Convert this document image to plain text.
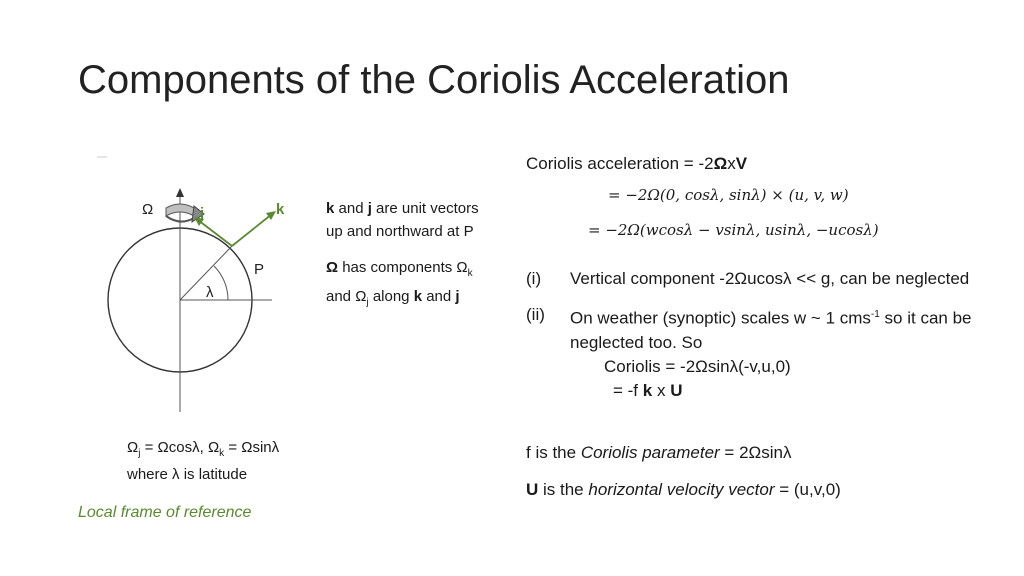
Components of the Coriolis Acceleration
Ω	j	k
P
λ

k and j are unit vectors up and northward at P

Ω has components $\Omega_k$ and $\Omega_j$ along k and j

$\Omega_j = \Omega\cos\lambda$, $\Omega_k = \Omega\sin\lambda$
where λ is latitude
Local frame of reference
Coriolis acceleration = -2ΩxV
= −2Ω(0, cosλ, sinλ) × (u, v, w)
= −2Ω(wcosλ − vsinλ, usinλ, −ucosλ)
(i)	Vertical component -2Ωucosλ << g, can be neglected
(ii)	On weather (synoptic) scales w ~ 1 cms$^{-1}$ so it can be neglected too. So
Coriolis = -2Ωsinλ(-v,u,0)
= -f k x U
f is the Coriolis parameter = 2Ωsinλ
U is the horizontal velocity vector = (u,v,0)
